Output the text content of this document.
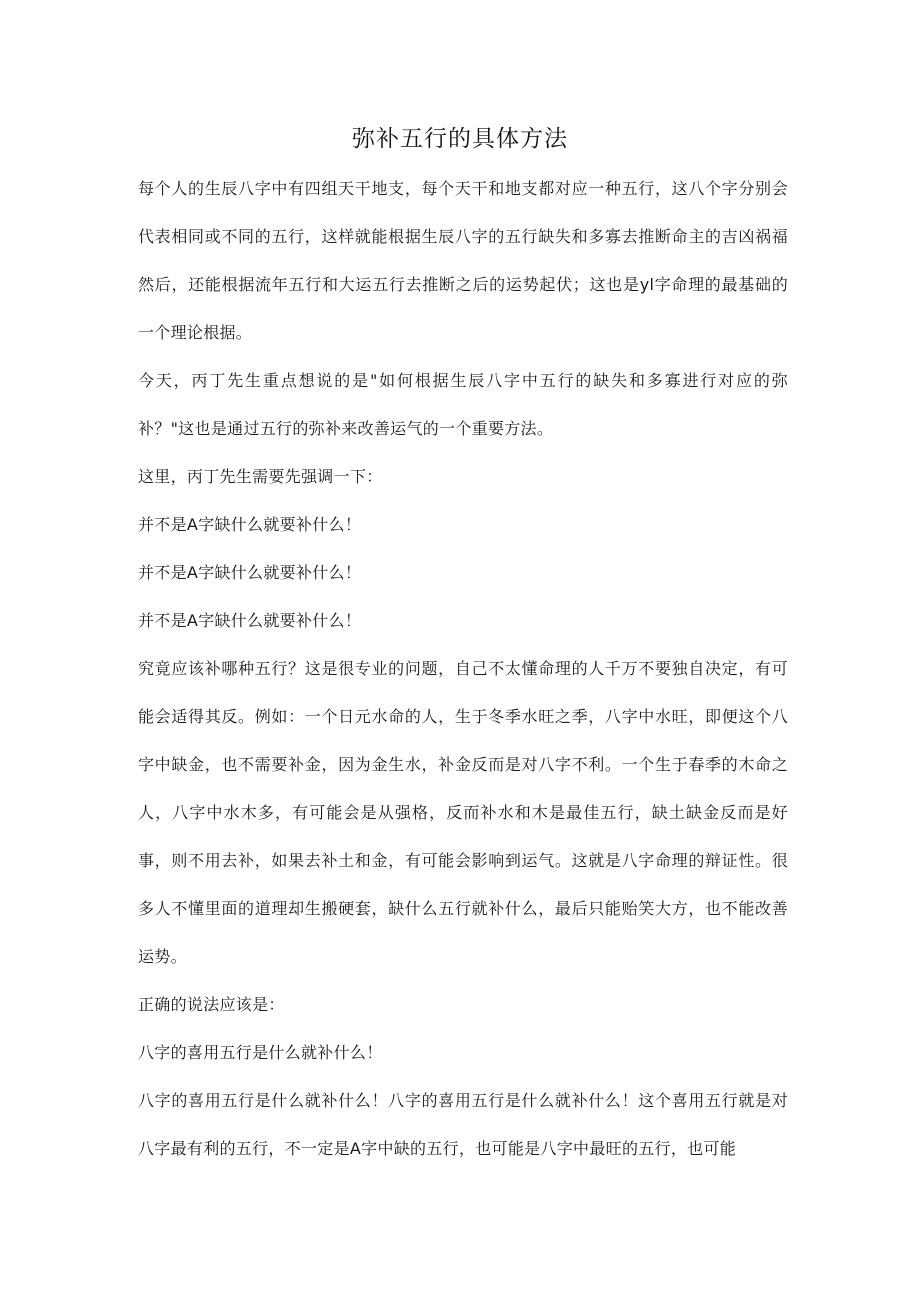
弥补五行的具体方法

每个人的生辰八字中有四组天干地支，每个天干和地支都对应一种五行，这八个字分别会代表相同或不同的五行，这样就能根据生辰八字的五行缺失和多寡去推断命主的吉凶祸福然后，还能根据流年五行和大运五行去推断之后的运势起伏；这也是yl字命理的最基础的一个理论根据。

今天，丙丁先生重点想说的是"如何根据生辰八字中五行的缺失和多寡进行对应的弥补？"这也是通过五行的弥补来改善运气的一个重要方法。

这里，丙丁先生需要先强调一下：

并不是A字缺什么就要补什么！

并不是A字缺什么就要补什么！

并不是A字缺什么就要补什么！

究竟应该补哪种五行？这是很专业的问题，自己不太懂命理的人千万不要独自决定，有可能会适得其反。例如：一个日元水命的人，生于冬季水旺之季，八字中水旺，即便这个八字中缺金，也不需要补金，因为金生水，补金反而是对八字不利。一个生于春季的木命之人，八字中水木多，有可能会是从强格，反而补水和木是最佳五行，缺土缺金反而是好事，则不用去补，如果去补土和金，有可能会影响到运气。这就是八字命理的辩证性。很多人不懂里面的道理却生搬硬套，缺什么五行就补什么，最后只能贻笑大方，也不能改善运势。

正确的说法应该是：

八字的喜用五行是什么就补什么！

八字的喜用五行是什么就补什么！八字的喜用五行是什么就补什么！这个喜用五行就是对八字最有利的五行，不一定是A字中缺的五行，也可能是八字中最旺的五行，也可能
